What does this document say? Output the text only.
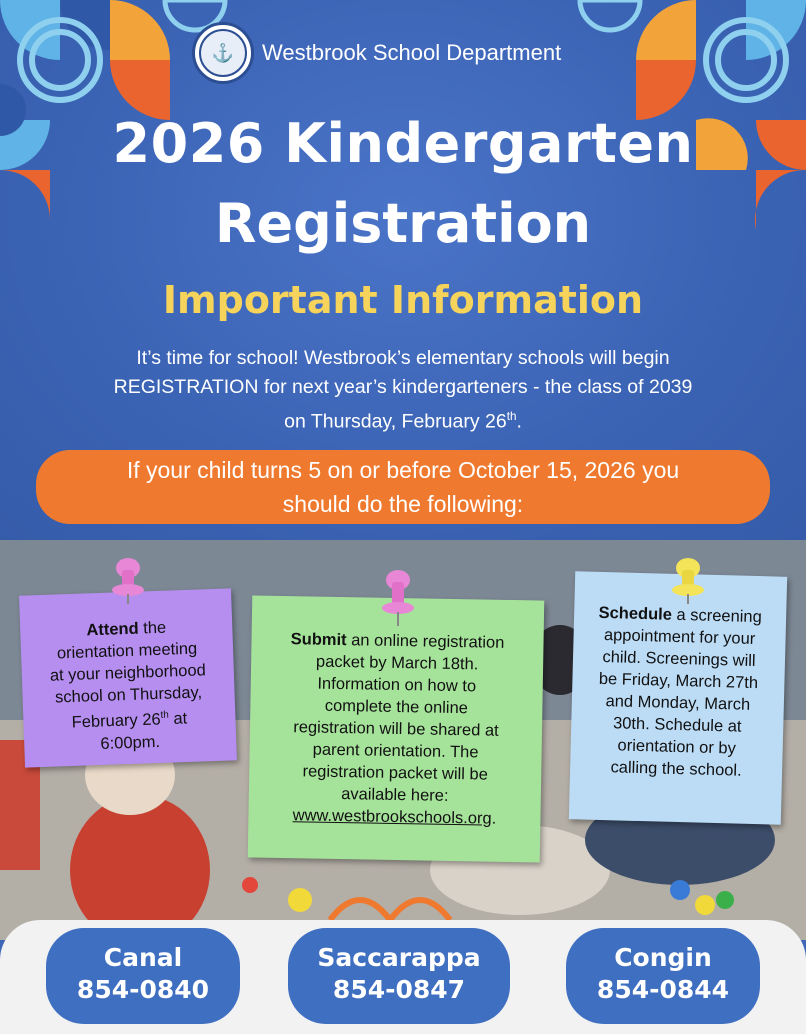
⚓	Westbrook School Department
2026 Kindergarten
Registration
Important Information
It’s time for school! Westbrook’s elementary schools will begin
REGISTRATION for next year’s kindergarteners - the class of 2039
on Thursday, February 26th.
If your child turns 5 on or before October 15, 2026 you
should do the following:
Attend the
orientation meeting
at your neighborhood
school on Thursday,
February 26th at
6:00pm.
Submit an online registration
packet by March 18th.
Information on how to
complete the online
registration will be shared at
parent orientation. The
registration packet will be
available here:
www.westbrookschools.org.
Schedule a screening
appointment for your
child. Screenings will
be Friday, March 27th
and Monday, March
30th. Schedule at
orientation or by
calling the school.
Canal
854-0840
Saccarappa
854-0847
Congin
854-0844
